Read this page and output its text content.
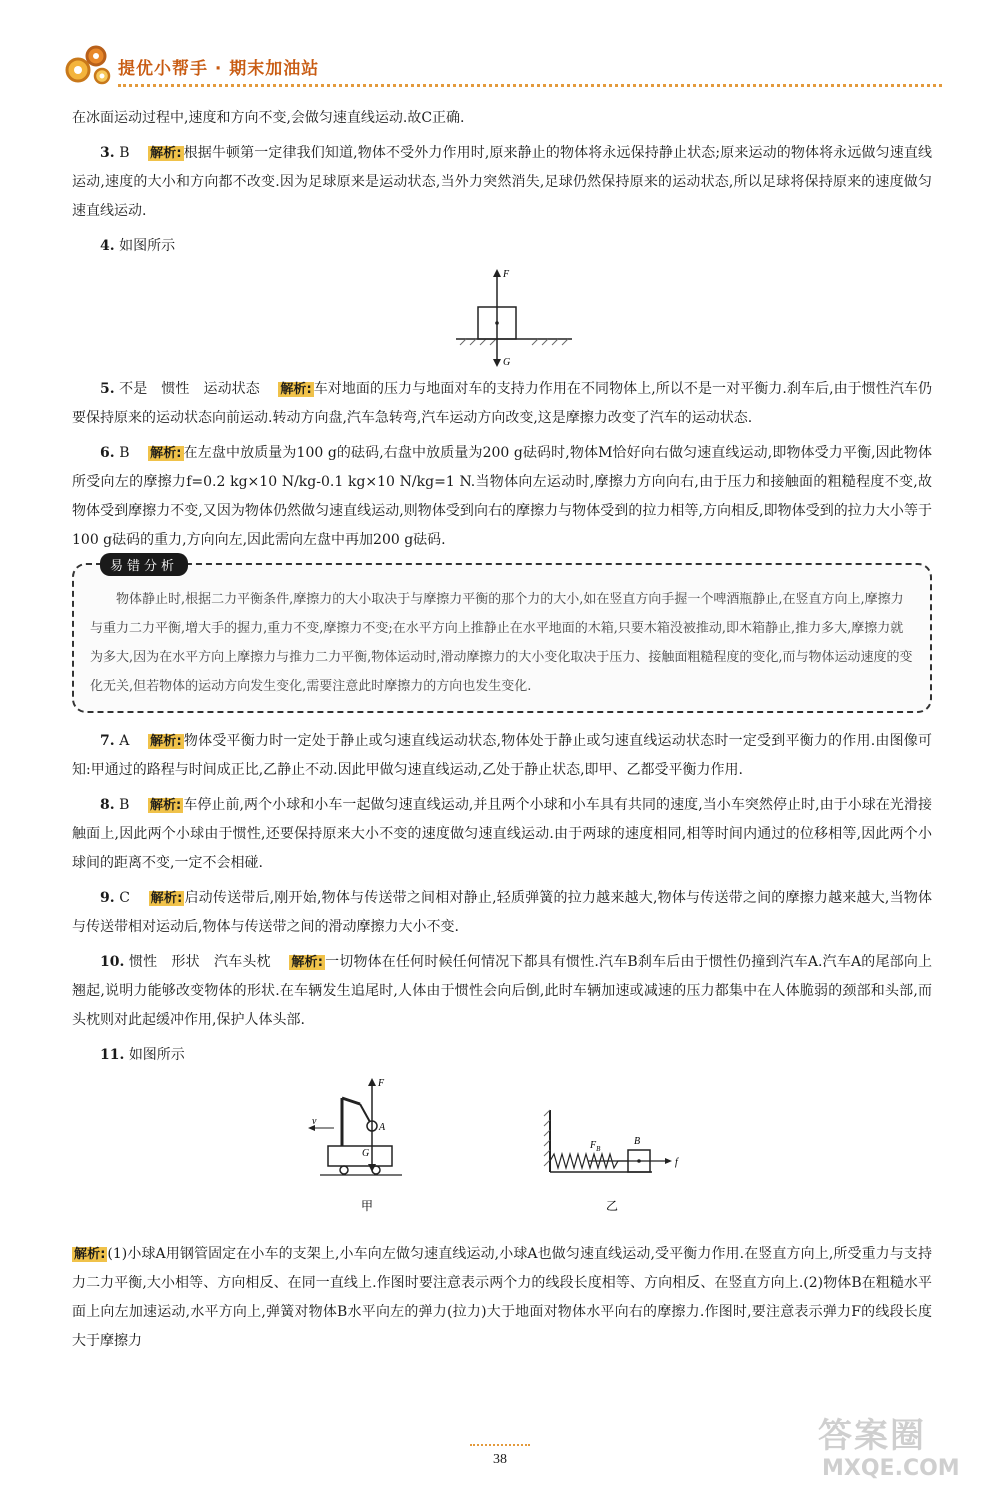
提优小帮手 · 期末加油站

在冰面运动过程中,速度和方向不变,会做匀速直线运动.故C正确.

3. B 解析: 根据牛顿第一定律我们知道,物体不受外力作用时,原来静止的物体将永远保持静止状态;原来运动的物体将永远做匀速直线运动,速度的大小和方向都不改变.因为足球原来是运动状态,当外力突然消失,足球仍然保持原来的运动状态,所以足球将保持原来的速度做匀速直线运动.

4. 如图所示

F
G

5. 不是　惯性　运动状态 解析: 车对地面的压力与地面对车的支持力作用在不同物体上,所以不是一对平衡力.刹车后,由于惯性汽车仍要保持原来的运动状态向前运动.转动方向盘,汽车急转弯,汽车运动方向改变,这是摩擦力改变了汽车的运动状态.

6. B 解析: 在左盘中放质量为100 g的砝码,右盘中放质量为200 g砝码时,物体M恰好向右做匀速直线运动,即物体受力平衡,因此物体所受向左的摩擦力f=0.2 kg×10 N/kg-0.1 kg×10 N/kg=1 N.当物体向左运动时,摩擦力方向向右,由于压力和接触面的粗糙程度不变,故物体受到摩擦力不变,又因为物体仍然做匀速直线运动,则物体受到向右的摩擦力与物体受到的拉力相等,方向相反,即物体受到的拉力大小等于100 g砝码的重力,方向向左,因此需向左盘中再加200 g砝码.

易错分析

物体静止时,根据二力平衡条件,摩擦力的大小取决于与摩擦力平衡的那个力的大小,如在竖直方向手握一个啤酒瓶静止,在竖直方向上,摩擦力与重力二力平衡,增大手的握力,重力不变,摩擦力不变;在水平方向上推静止在水平地面的木箱,只要木箱没被推动,即木箱静止,推力多大,摩擦力就为多大,因为在水平方向上摩擦力与推力二力平衡,物体运动时,滑动摩擦力的大小变化取决于压力、接触面粗糙程度的变化,而与物体运动速度的变化无关,但若物体的运动方向发生变化,需要注意此时摩擦力的方向也发生变化.

7. A 解析: 物体受平衡力时一定处于静止或匀速直线运动状态,物体处于静止或匀速直线运动状态时一定受到平衡力的作用.由图像可知:甲通过的路程与时间成正比,乙静止不动.因此甲做匀速直线运动,乙处于静止状态,即甲、乙都受平衡力作用.

8. B 解析: 车停止前,两个小球和小车一起做匀速直线运动,并且两个小球和小车具有共同的速度,当小车突然停止时,由于小球在光滑接触面上,因此两个小球由于惯性,还要保持原来大小不变的速度做匀速直线运动.由于两球的速度相同,相等时间内通过的位移相等,因此两个小球间的距离不变,一定不会相碰.

9. C 解析: 启动传送带后,刚开始,物体与传送带之间相对静止,轻质弹簧的拉力越来越大,物体与传送带之间的摩擦力越来越大,当物体与传送带相对运动后,物体与传送带之间的滑动摩擦力大小不变.

10. 惯性　形状　汽车头枕 解析: 一切物体在任何时候任何情况下都具有惯性.汽车B刹车后由于惯性仍撞到汽车A.汽车A的尾部向上翘起,说明力能够改变物体的形状.在车辆发生追尾时,人体由于惯性会向后倒,此时车辆加速或减速的压力都集中在人体脆弱的颈部和头部,而头枕则对此起缓冲作用,保护人体头部.

11. 如图所示

F
A
G
v
甲
$F_B$
B
f
乙

解析: (1)小球A用钢管固定在小车的支架上,小车向左做匀速直线运动,小球A也做匀速直线运动,受平衡力作用.在竖直方向上,所受重力与支持力二力平衡,大小相等、方向相反、在同一直线上.作图时要注意表示两个力的线段长度相等、方向相反、在竖直方向上.(2)物体B在粗糙水平面上向左加速运动,水平方向上,弹簧对物体B水平向左的弹力(拉力)大于地面对物体水平向右的摩擦力.作图时,要注意表示弹力F的线段长度大于摩擦力

38
答案圈
MXQE.COM
